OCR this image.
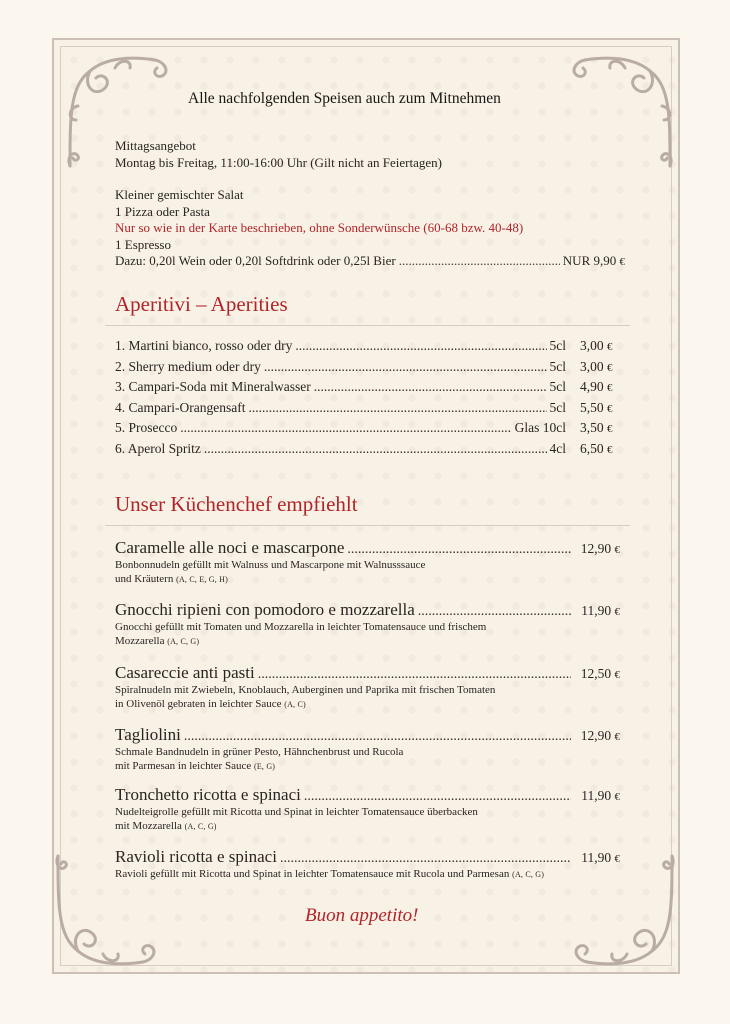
Alle nachfolgenden Speisen auch zum Mitnehmen
Mittagsangebot
Montag bis Freitag, 11:00-16:00 Uhr (Gilt nicht an Feiertagen)
Kleiner gemischter Salat
1 Pizza oder Pasta
Nur so wie in der Karte beschrieben, ohne Sonderwünsche (60-68 bzw. 40-48)
1 Espresso
Dazu: 0,20l Wein oder 0,20l Softdrink oder 0,25l Bier .....	NUR 9,90
€
Aperitivi – Aperities
1. Martini bianco, rosso oder dry .....	5cl 3,00 €
2. Sherry medium oder dry .....	5cl 3,00 €
3. Campari-Soda mit Mineralwasser .....	5cl 4,90 €
4. Campari-Orangensaft .....	5cl 5,50 €
5. Prosecco .....	Glas 10cl 3,50 €
6. Aperol Spritz .....	4cl 6,50 €
Unser Küchenchef empfiehlt
Caramelle alle noci e mascarpone .....	12,90 €
Bonbonnudeln gefüllt mit Walnuss und Mascarpone mit Walnusssauce
und Kräutern (A, C, E, G, H)
Gnocchi ripieni con pomodoro e mozzarella .....	11,90 €
Gnocchi gefüllt mit Tomaten und Mozzarella in leichter Tomatensauce und frischem
Mozzarella (A, C, G)
Casareccie anti pasti .....	12,50 €
Spiralnudeln mit Zwiebeln, Knoblauch, Auberginen und Paprika mit frischen Tomaten
in Olivenöl gebraten in leichter Sauce (A, C)
Tagliolini .....	12,90 €
Schmale Bandnudeln in grüner Pesto, Hähnchenbrust und Rucola
mit Parmesan in leichter Sauce (E, G)
Tronchetto ricotta e spinaci .....	11,90 €
Nudelteigrolle gefüllt mit Ricotta und Spinat in leichter Tomatensauce überbacken
mit Mozzarella (A, C, G)
Ravioli ricotta e spinaci .....	11,90 €
Ravioli gefüllt mit Ricotta und Spinat in leichter Tomatensauce mit Rucola und Parmesan (A, C, G)
Buon appetito!
